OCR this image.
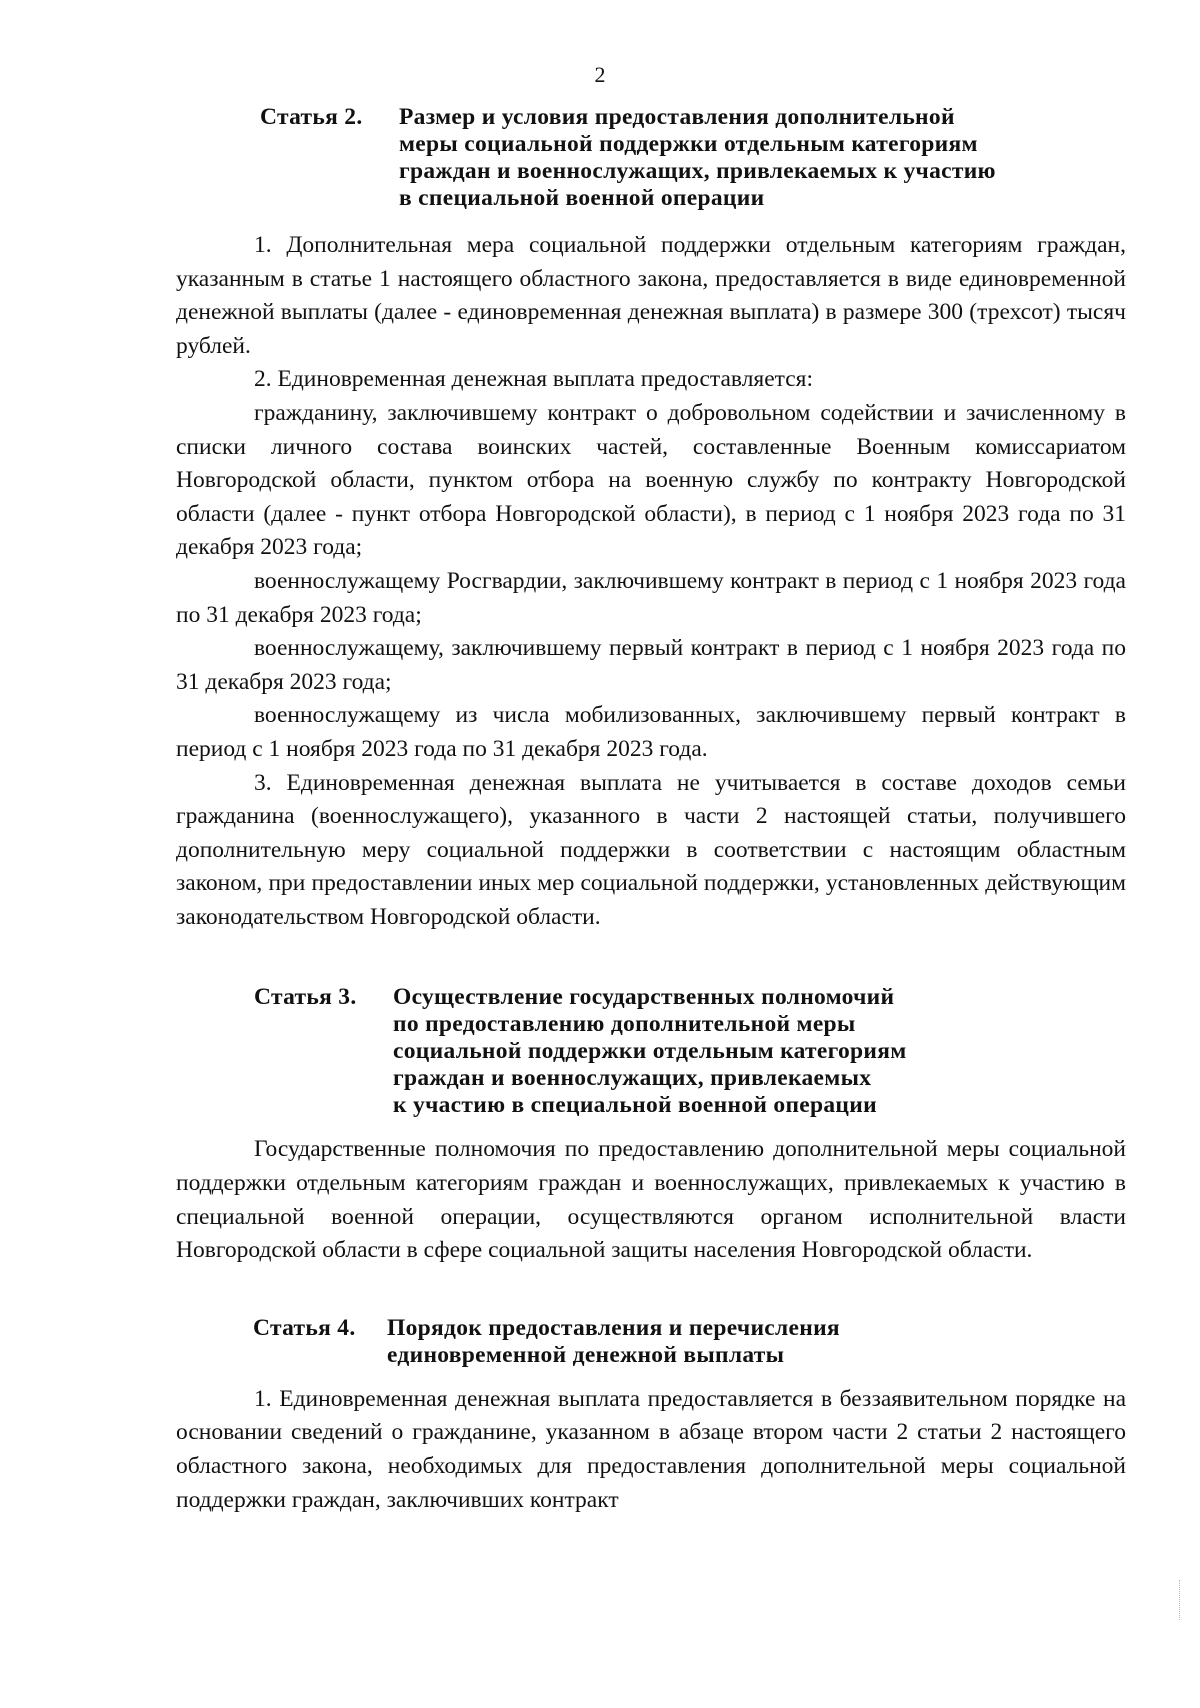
2
Статья 2.	Размер и условия предоставления дополнительной
меры социальной поддержки отдельным категориям
граждан и военнослужащих, привлекаемых к участию
в специальной военной операции

1. Дополнительная мера социальной поддержки отдельным категориям граждан, указанным в статье 1 настоящего областного закона, предоставляется в виде единовременной денежной выплаты (далее - единовременная денежная выплата) в размере 300 (трехсот) тысяч рублей.

2. Единовременная денежная выплата предоставляется:

гражданину, заключившему контракт о добровольном содействии и зачисленному в списки личного состава воинских частей, составленные Военным комиссариатом Новгородской области, пунктом отбора на военную службу по контракту Новгородской области (далее - пункт отбора Новгородской области), в период с 1 ноября 2023 года по 31 декабря 2023 года;

военнослужащему Росгвардии, заключившему контракт в период с 1 ноября 2023 года по 31 декабря 2023 года;

военнослужащему, заключившему первый контракт в период с 1 ноября 2023 года по 31 декабря 2023 года;

военнослужащему из числа мобилизованных, заключившему первый контракт в период с 1 ноября 2023 года по 31 декабря 2023 года.

3. Единовременная денежная выплата не учитывается в составе доходов семьи гражданина (военнослужащего), указанного в части 2 настоящей статьи, получившего дополнительную меру социальной поддержки в соответствии с настоящим областным законом, при предоставлении иных мер социальной поддержки, установленных действующим законодательством Новгородской области.

Статья 3.	Осуществление государственных полномочий
по предоставлению дополнительной меры
социальной поддержки отдельным категориям
граждан и военнослужащих, привлекаемых
к участию в специальной военной операции

Государственные полномочия по предоставлению дополнительной меры социальной поддержки отдельным категориям граждан и военнослужащих, привлекаемых к участию в специальной военной операции, осуществляются органом исполнительной власти Новгородской области в сфере социальной защиты населения Новгородской области.

Статья 4.	Порядок предоставления и перечисления
единовременной денежной выплаты

1. Единовременная денежная выплата предоставляется в беззаявительном порядке на основании сведений о гражданине, указанном в абзаце втором части 2 статьи 2 настоящего областного закона, необходимых для предоставления дополнительной меры социальной поддержки граждан, заключивших контракт
